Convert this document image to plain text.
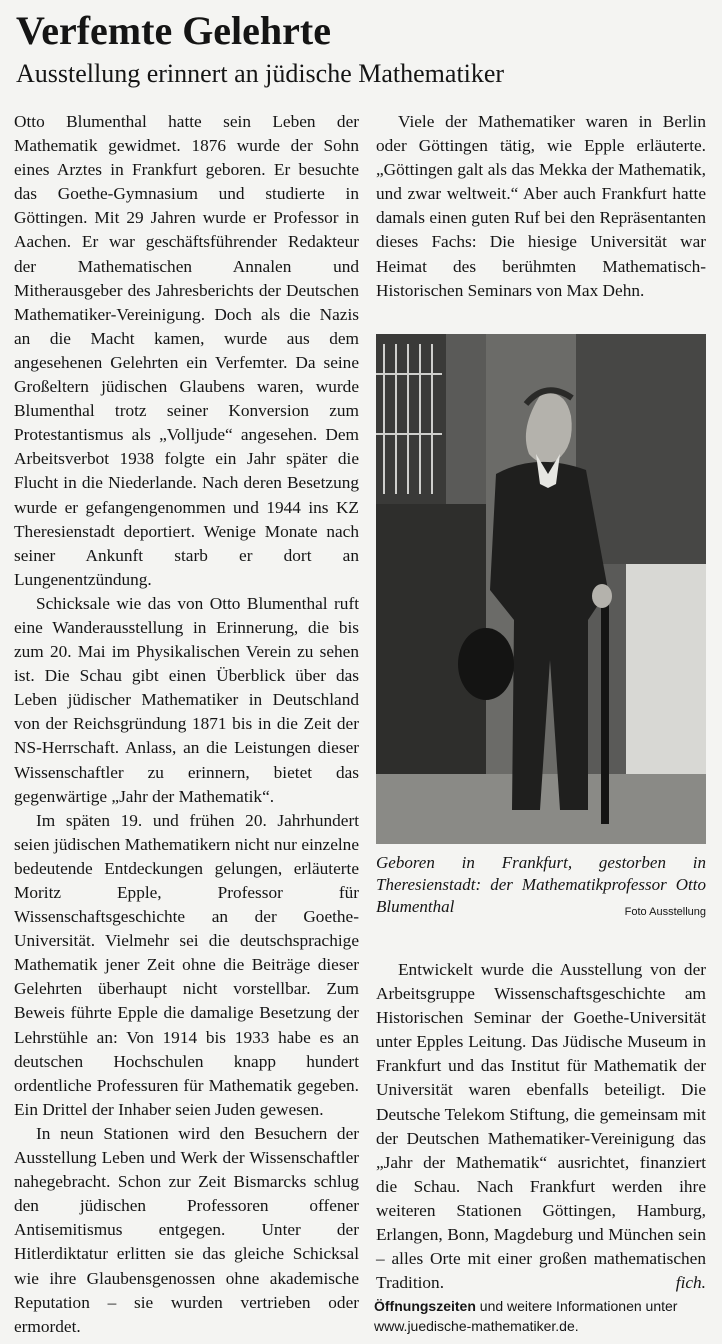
Verfemte Gelehrte
Ausstellung erinnert an jüdische Mathematiker

Otto Blumenthal hatte sein Leben der Mathematik gewidmet. 1876 wurde der Sohn eines Arztes in Frankfurt geboren. Er besuchte das Goethe-Gymnasium und studierte in Göttingen. Mit 29 Jahren wurde er Professor in Aachen. Er war geschäftsführender Redakteur der Mathematischen Annalen und Mitherausgeber des Jahresberichts der Deutschen Mathematiker-Vereinigung. Doch als die Nazis an die Macht kamen, wurde aus dem angesehenen Gelehrten ein Verfemter. Da seine Großeltern jüdischen Glaubens waren, wurde Blumenthal trotz seiner Konversion zum Protestantismus als „Volljude“ angesehen. Dem Arbeitsverbot 1938 folgte ein Jahr später die Flucht in die Niederlande. Nach deren Besetzung wurde er gefangengenommen und 1944 ins KZ Theresienstadt deportiert. Wenige Monate nach seiner Ankunft starb er dort an Lungenentzündung.

Schicksale wie das von Otto Blumenthal ruft eine Wanderausstellung in Erinnerung, die bis zum 20. Mai im Physikalischen Verein zu sehen ist. Die Schau gibt einen Überblick über das Leben jüdischer Mathematiker in Deutschland von der Reichsgründung 1871 bis in die Zeit der NS-Herrschaft. Anlass, an die Leistungen dieser Wissenschaftler zu erinnern, bietet das gegenwärtige „Jahr der Mathematik“.

Im späten 19. und frühen 20. Jahrhundert seien jüdischen Mathematikern nicht nur einzelne bedeutende Entdeckungen gelungen, erläuterte Moritz Epple, Professor für Wissenschaftsgeschichte an der Goethe-Universität. Vielmehr sei die deutschsprachige Mathematik jener Zeit ohne die Beiträge dieser Gelehrten überhaupt nicht vorstellbar. Zum Beweis führte Epple die damalige Besetzung der Lehrstühle an: Von 1914 bis 1933 habe es an deutschen Hochschulen knapp hundert ordentliche Professuren für Mathematik gegeben. Ein Drittel der Inhaber seien Juden gewesen.

In neun Stationen wird den Besuchern der Ausstellung Leben und Werk der Wissenschaftler nahegebracht. Schon zur Zeit Bismarcks schlug den jüdischen Professoren offener Antisemitismus entgegen. Unter der Hitlerdiktatur erlitten sie das gleiche Schicksal wie ihre Glaubensgenossen ohne akademische Reputation – sie wurden vertrieben oder ermordet.

Viele der Mathematiker waren in Berlin oder Göttingen tätig, wie Epple erläuterte. „Göttingen galt als das Mekka der Mathematik, und zwar weltweit.“ Aber auch Frankfurt hatte damals einen guten Ruf bei den Repräsentanten dieses Fachs: Die hiesige Universität war Heimat des berühmten Mathematisch-Historischen Seminars von Max Dehn.

Geboren in Frankfurt, gestorben in Theresienstadt: der Mathematikprofessor Otto Blumenthal	Foto Ausstellung

Entwickelt wurde die Ausstellung von der Arbeitsgruppe Wissenschaftsgeschichte am Historischen Seminar der Goethe-Universität unter Epples Leitung. Das Jüdische Museum in Frankfurt und das Institut für Mathematik der Universität waren ebenfalls beteiligt. Die Deutsche Telekom Stiftung, die gemeinsam mit der Deutschen Mathematiker-Vereinigung das „Jahr der Mathematik“ ausrichtet, finanziert die Schau. Nach Frankfurt werden ihre weiteren Stationen Göttingen, Hamburg, Erlangen, Bonn, Magdeburg und München sein – alles Orte mit einer großen mathematischen Tradition.	fich.

Öffnungszeiten und weitere Informationen unter
www.juedische-mathematiker.de.
